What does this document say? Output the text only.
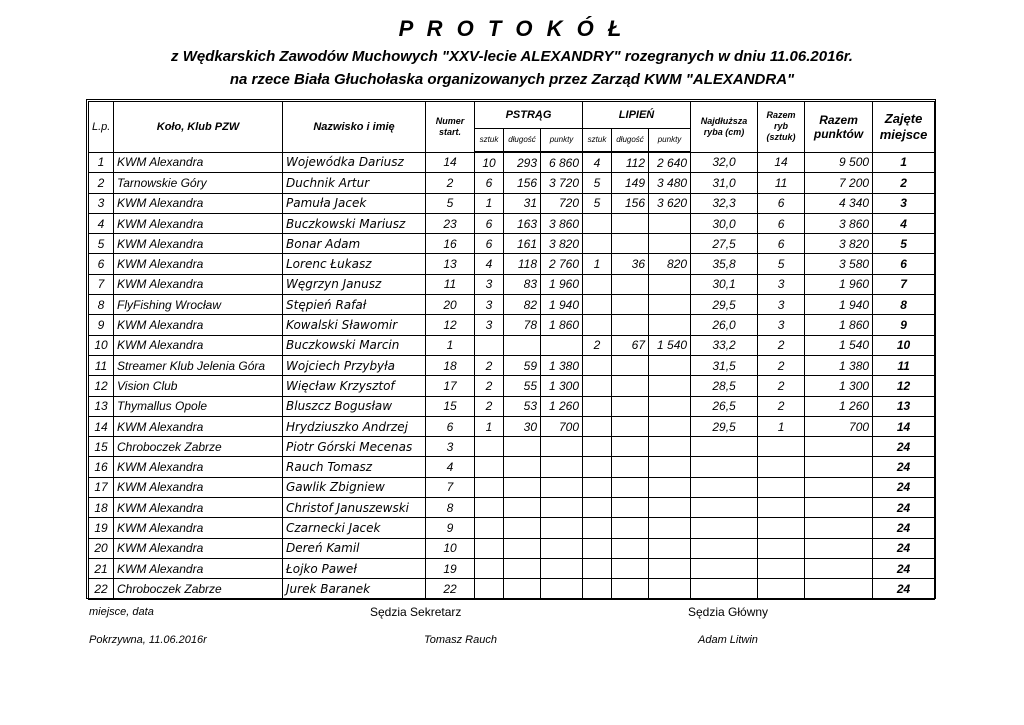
P R O T O K Ó Ł
z Wędkarskich Zawodów Muchowych "XXV-lecie ALEXANDRY" rozegranych w dniu 11.06.2016r.
na rzece Biała Głuchołaska organizowanych przez Zarząd KWM "ALEXANDRA"
L.p.	Koło, Klub PZW	Nazwisko i imię	Numer start.	PSTRĄG			LIPIEŃ			Najdłuższa ryba (cm)	Razem ryb (sztuk)	Razem punktów	Zajęte miejsce
				sztuk	długość	punkty	sztuk	długość	punkty				
1	KWM Alexandra	Wojewódka Dariusz	14	10	293	6 860	4	112	2 640	32,0	14	9 500	1
2	Tarnowskie Góry	Duchnik Artur	2	6	156	3 720	5	149	3 480	31,0	11	7 200	2
3	KWM Alexandra	Pamuła Jacek	5	1	31	720	5	156	3 620	32,3	6	4 340	3
4	KWM Alexandra	Buczkowski Mariusz	23	6	163	3 860				30,0	6	3 860	4
5	KWM Alexandra	Bonar Adam	16	6	161	3 820				27,5	6	3 820	5
6	KWM Alexandra	Lorenc Łukasz	13	4	118	2 760	1	36	820	35,8	5	3 580	6
7	KWM Alexandra	Węgrzyn Janusz	11	3	83	1 960				30,1	3	1 960	7
8	FlyFishing Wrocław	Stępień Rafał	20	3	82	1 940				29,5	3	1 940	8
9	KWM Alexandra	Kowalski Sławomir	12	3	78	1 860				26,0	3	1 860	9
10	KWM Alexandra	Buczkowski Marcin	1				2	67	1 540	33,2	2	1 540	10
11	Streamer Klub Jelenia Góra	Wojciech Przybyła	18	2	59	1 380				31,5	2	1 380	11
12	Vision Club	Więcław Krzysztof	17	2	55	1 300				28,5	2	1 300	12
13	Thymallus Opole	Bluszcz Bogusław	15	2	53	1 260				26,5	2	1 260	13
14	KWM Alexandra	Hrydziuszko Andrzej	6	1	30	700				29,5	1	700	14
15	Chroboczek Zabrze	Piotr Górski Mecenas	3										24
16	KWM Alexandra	Rauch Tomasz	4										24
17	KWM Alexandra	Gawlik Zbigniew	7										24
18	KWM Alexandra	Christof Januszewski	8										24
19	KWM Alexandra	Czarnecki Jacek	9										24
20	KWM Alexandra	Dereń Kamil	10										24
21	KWM Alexandra	Łojko Paweł	19										24
22	Chroboczek Zabrze	Jurek Baranek	22										24
miejsce, data	Sędzia Sekretarz	Sędzia Główny
Pokrzywna, 11.06.2016r	Tomasz Rauch	Adam Litwin
